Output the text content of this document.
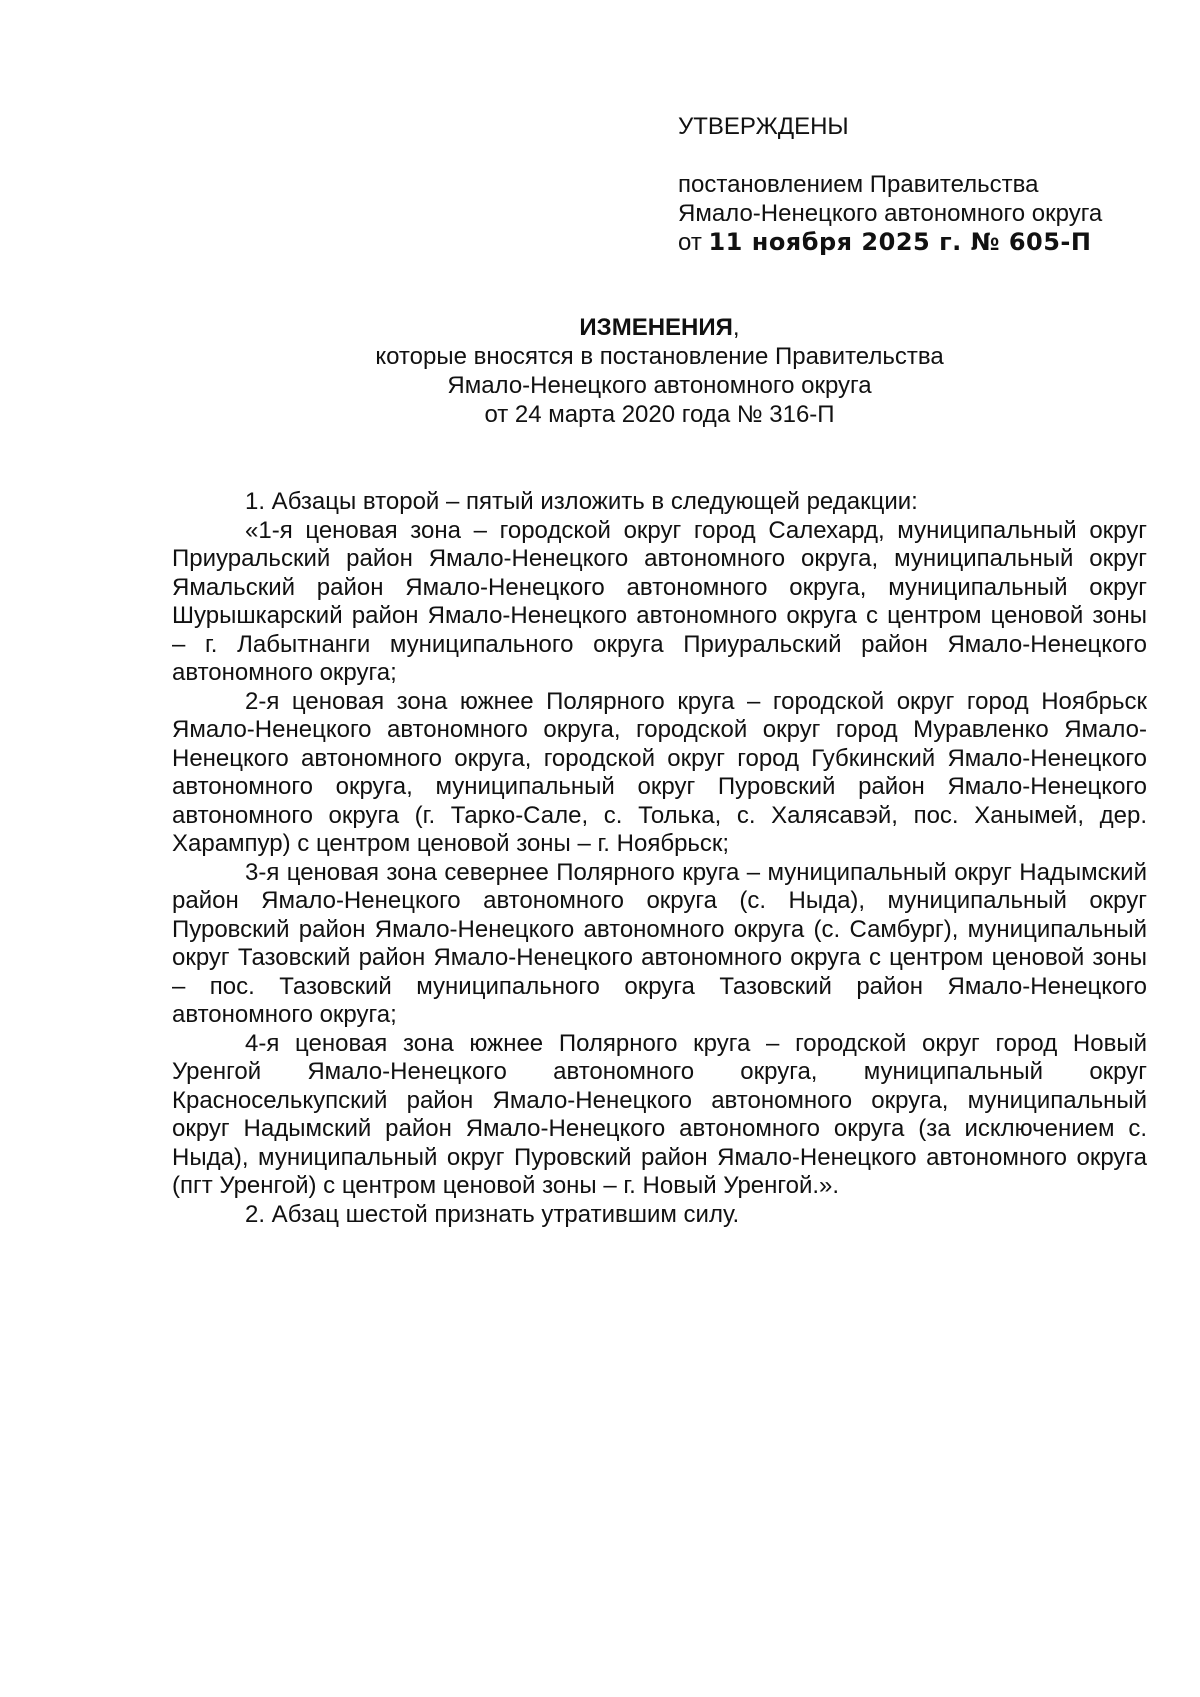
УТВЕРЖДЕНЫ
постановлением Правительства
Ямало-Ненецкого автономного округа
от 11 ноября 2025 г. № 605-П
ИЗМЕНЕНИЯ,
которые вносятся в постановление Правительства
Ямало-Ненецкого автономного округа
от 24 марта 2020 года № 316-П

1. Абзацы второй – пятый изложить в следующей редакции:

«1-я ценовая зона – городской округ город Салехард, муниципальный округ Приуральский район Ямало-Ненецкого автономного округа, муниципальный округ Ямальский район Ямало-Ненецкого автономного округа, муниципальный округ Шурышкарский район Ямало-Ненецкого автономного округа с центром ценовой зоны – г. Лабытнанги муниципального округа Приуральский район Ямало-Ненецкого автономного округа;

2-я ценовая зона южнее Полярного круга – городской округ город Ноябрьск Ямало-Ненецкого автономного округа, городской округ город Муравленко Ямало-Ненецкого автономного округа, городской округ город Губкинский Ямало-Ненецкого автономного округа, муниципальный округ Пуровский район Ямало-Ненецкого автономного округа (г. Тарко-Сале, с. Толька, с. Халясавэй, пос. Ханымей, дер. Харампур) с центром ценовой зоны – г. Ноябрьск;

3-я ценовая зона севернее Полярного круга – муниципальный округ Надымский район Ямало-Ненецкого автономного округа (с. Ныда), муниципальный округ Пуровский район Ямало-Ненецкого автономного округа (с. Самбург), муниципальный округ Тазовский район Ямало-Ненецкого автономного округа с центром ценовой зоны – пос. Тазовский муниципального округа Тазовский район Ямало-Ненецкого автономного округа;

4-я ценовая зона южнее Полярного круга – городской округ город Новый Уренгой Ямало-Ненецкого автономного округа, муниципальный округ Красноселькупский район Ямало-Ненецкого автономного округа, муниципальный округ Надымский район Ямало-Ненецкого автономного округа (за исключением с. Ныда), муниципальный округ Пуровский район Ямало-Ненецкого автономного округа (пгт Уренгой) с центром ценовой зоны – г. Новый Уренгой.».

2. Абзац шестой признать утратившим силу.
